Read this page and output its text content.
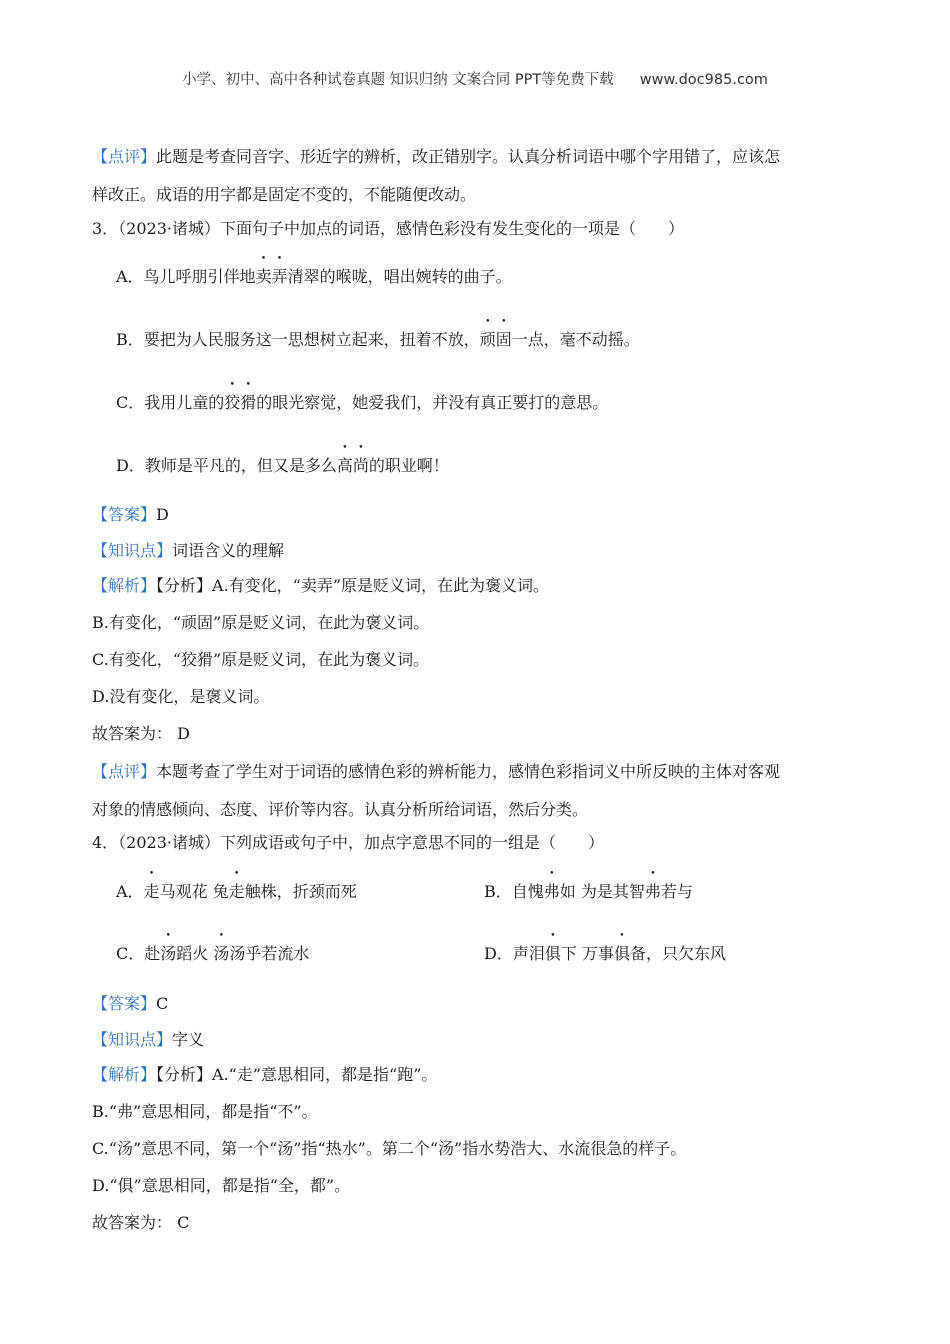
小学、初中、高中各种试卷真题 知识归纳 文案合同 PPT等免费下载 www.doc985.com
【点评】此题是考查同音字、形近字的辨析，改正错别字。认真分析词语中哪个字用错了，应该怎
样改正。成语的用字都是固定不变的，不能随便改动。
3．（2023·诸城）下面句子中加点的词语，感情色彩没有发生变化的一项是（　　）
A．鸟儿呼朋引伴地卖弄清翠的喉咙，唱出婉转的曲子。
B．要把为人民服务这一思想树立起来，扭着不放，顽固一点，毫不动摇。
C．我用儿童的狡猾的眼光察觉，她爱我们，并没有真正要打的意思。
D．教师是平凡的，但又是多么高尚的职业啊！
【答案】D
【知识点】词语含义的理解
【解析】【分析】A.有变化，“卖弄”原是贬义词，在此为褒义词。
B.有变化，“顽固”原是贬义词，在此为褒义词。
C.有变化，“狡猾”原是贬义词，在此为褒义词。
D.没有变化，是褒义词。
故答案为： D
【点评】本题考查了学生对于词语的感情色彩的辨析能力，感情色彩指词义中所反映的主体对客观
对象的情感倾向、态度、评价等内容。认真分析所给词语，然后分类。
4．（2023·诸城）下列成语或句子中，加点字意思不同的一组是（　　）
A．走马观花 兔走触株，折颈而死	B．自愧弗如 为是其智弗若与
C．赴汤蹈火 汤汤乎若流水	D．声泪俱下 万事俱备，只欠东风
【答案】C
【知识点】字义
【解析】【分析】A.“走”意思相同，都是指“跑”。
B.“弗”意思相同，都是指“不”。
C.“汤”意思不同，第一个“汤”指“热水”。第二个“汤”指水势浩大、水流很急的样子。
D.“俱”意思相同，都是指“全，都”。
故答案为： C
